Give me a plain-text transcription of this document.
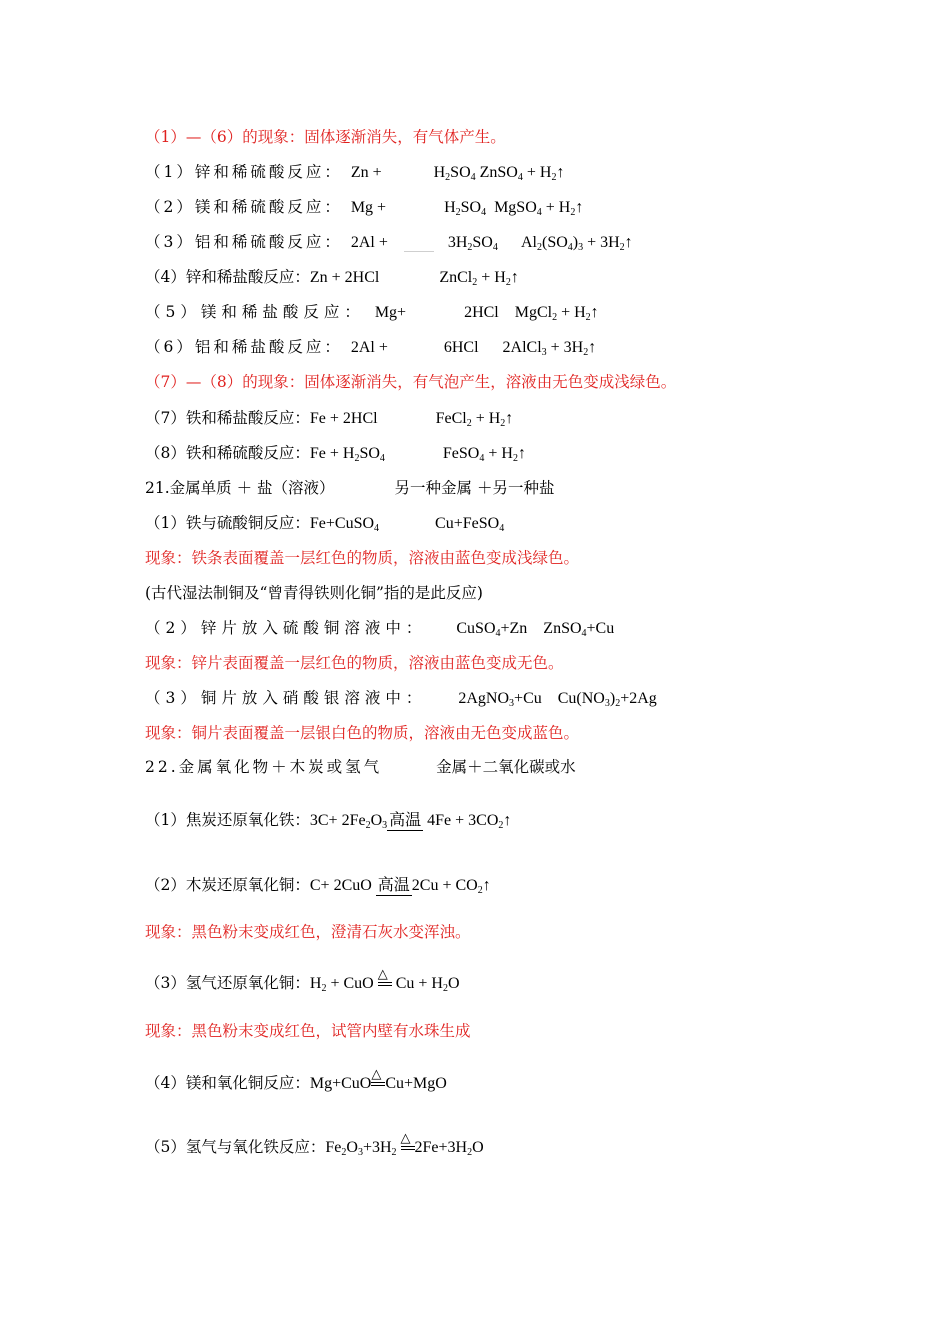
（1）—（6）的现象：固体逐渐消失，有气体产生。
（1）锌和稀硫酸反应： Zn +	$H_2SO_4$ ZnSO$_4$ + $H_2↑$
（2）镁和稀硫酸反应： Mg +	$H_2SO_4$  MgSO$_4$ + $H_2↑$
（3）铝和稀硫酸反应： 2Al +	$3H_2SO_4$      $Al_2(SO_4)_3$ + $3H_2↑$
（4）锌和稀盐酸反应：Zn + 2HCl	ZnCl$_2$ + $H_2↑$
（5）镁和稀盐酸反应： Mg+	2HCl    MgCl$_2$ + $H_2↑$
（6）铝和稀盐酸反应： 2Al +	6HCl      2AlCl$_3$ + $3H_2↑$
（7）—（8）的现象：固体逐渐消失，有气泡产生，溶液由无色变成浅绿色。
（7）铁和稀盐酸反应：Fe + 2HCl	FeCl$_2$ + $H_2↑$
（8）铁和稀硫酸反应：$Fe + H_2SO_4$	FeSO$_4$ + $H_2↑$
21.金属单质 ＋ 盐（溶液）	另一种金属 ＋另一种盐
（1）铁与硫酸铜反应：Fe+CuSO$_4$	Cu+FeSO$_4$
现象：铁条表面覆盖一层红色的物质，溶液由蓝色变成浅绿色。
(古代湿法制铜及“曾青得铁则化铜”指的是此反应)
（2）锌片放入硫酸铜溶液中： CuSO$_4$+Zn    ZnSO$_4$+Cu
现象：锌片表面覆盖一层红色的物质，溶液由蓝色变成无色。
（3）铜片放入硝酸银溶液中： 2AgNO$_3$+Cu    $Cu(NO_3)_2+2Ag$
现象：铜片表面覆盖一层银白色的物质，溶液由无色变成蓝色。
22.金属氧化物＋木炭或氢气	金属＋二氧化碳或水
（1）焦炭还原氧化铁：$3C+ 2Fe_2O_3$ 高温 $4Fe + 3CO_2↑$
（2）木炭还原氧化铜：C+ 2CuO 高温 $2Cu + CO_2↑$
现象：黑色粉末变成红色，澄清石灰水变浑浊。
（3）氢气还原氧化铜：$H_2$ + CuO
△
$Cu + H_2O$
现象：黑色粉末变成红色，试管内壁有水珠生成
（4）镁和氧化铜反应：Mg+CuO
△
Cu+MgO
（5）氢气与氧化铁反应：$Fe_2O_3+3H_2$
△
$2Fe+3H_2O$
